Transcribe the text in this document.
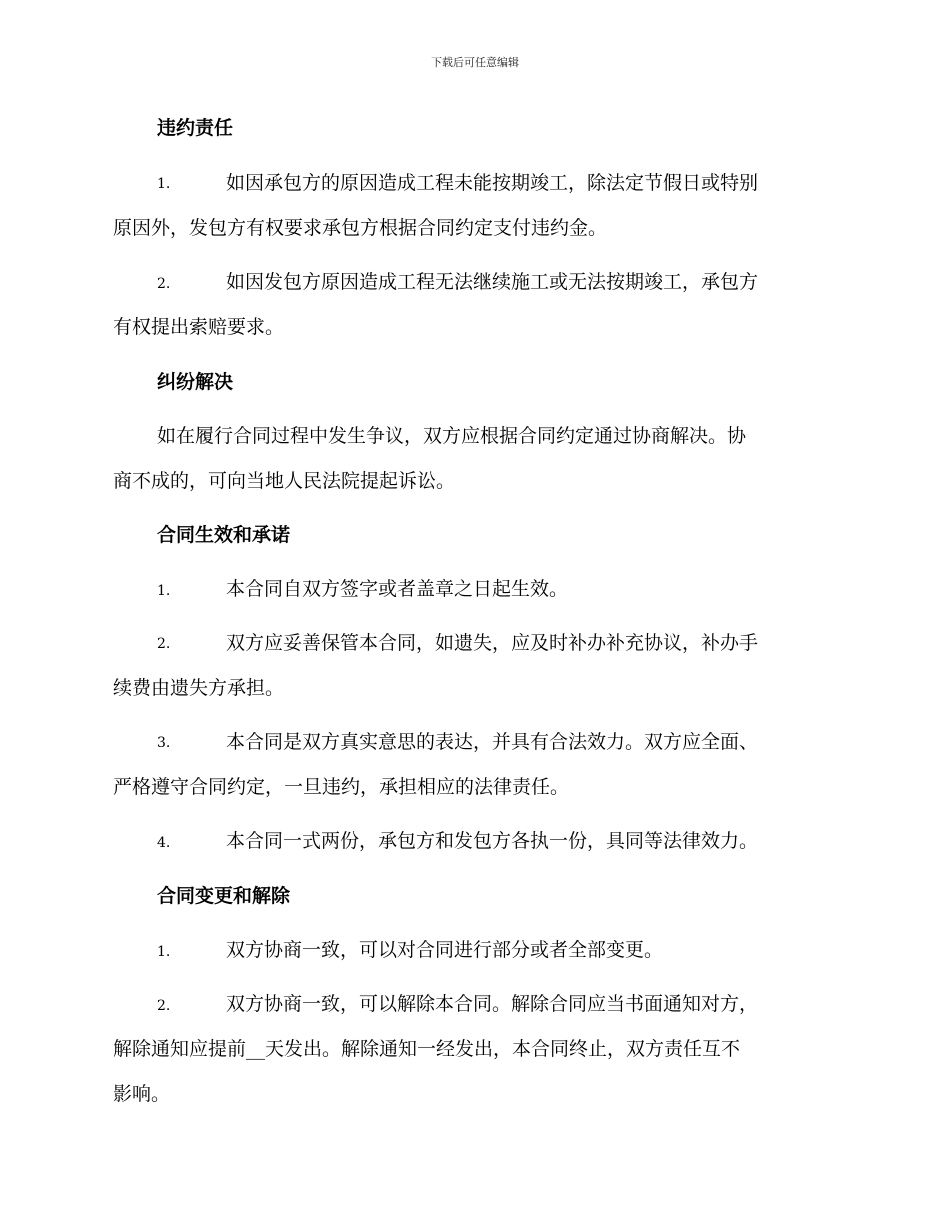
下载后可任意编辑
违约责任
1.	如因承包方的原因造成工程未能按期竣工，除法定节假日或特别
原因外，发包方有权要求承包方根据合同约定支付违约金。
2.	如因发包方原因造成工程无法继续施工或无法按期竣工，承包方
有权提出索赔要求。
纠纷解决
如在履行合同过程中发生争议，双方应根据合同约定通过协商解决。协
商不成的，可向当地人民法院提起诉讼。
合同生效和承诺
1.	本合同自双方签字或者盖章之日起生效。
2.	双方应妥善保管本合同，如遗失，应及时补办补充协议，补办手
续费由遗失方承担。
3.	本合同是双方真实意思的表达，并具有合法效力。双方应全面、
严格遵守合同约定，一旦违约，承担相应的法律责任。
4.	本合同一式两份，承包方和发包方各执一份，具同等法律效力。
合同变更和解除
1.	双方协商一致，可以对合同进行部分或者全部变更。
2.	双方协商一致，可以解除本合同。解除合同应当书面通知对方，
解除通知应提前__天发出。解除通知一经发出，本合同终止，双方责任互不
影响。
